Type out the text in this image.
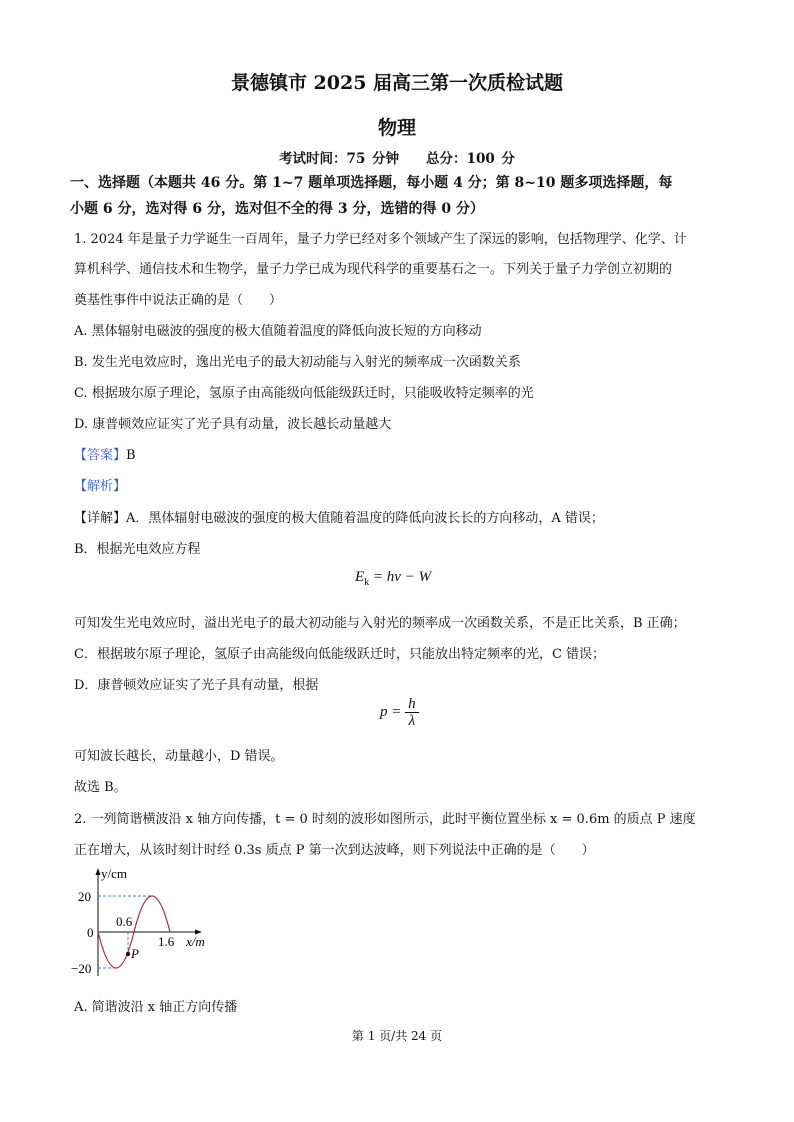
景德镇市 2025 届高三第一次质检试题
物理
考试时间：75 分钟　　总分：100 分
一、选择题（本题共 46 分。第 1~7 题单项选择题，每小题 4 分；第 8~10 题多项选择题，每
小题 6 分，选对得 6 分，选对但不全的得 3 分，选错的得 0 分）
1. 2024 年是量子力学诞生一百周年，量子力学已经对多个领域产生了深远的影响，包括物理学、化学、计
算机科学、通信技术和生物学，量子力学已成为现代科学的重要基石之一。下列关于量子力学创立初期的
奠基性事件中说法正确的是（　　）
A. 黑体辐射电磁波的强度的极大值随着温度的降低向波长短的方向移动
B. 发生光电效应时，逸出光电子的最大初动能与入射光的频率成一次函数关系
C. 根据玻尔原子理论，氢原子由高能级向低能级跃迁时，只能吸收特定频率的光
D. 康普顿效应证实了光子具有动量，波长越长动量越大
【答案】B
【解析】
【详解】A．黑体辐射电磁波的强度的极大值随着温度的降低向波长长的方向移动，A 错误；
B．根据光电效应方程
$E_k = h\nu - W$
可知发生光电效应时，溢出光电子的最大初动能与入射光的频率成一次函数关系，不是正比关系，B 正确；
C．根据玻尔原子理论，氢原子由高能级向低能级跃迁时，只能放出特定频率的光，C 错误；
D．康普顿效应证实了光子具有动量，根据
$p = \frac{h}{\lambda}$
可知波长越长，动量越小，D 错误。
故选 B。
2. 一列简谐横波沿 x 轴方向传播，t = 0 时刻的波形如图所示，此时平衡位置坐标 x = 0.6m 的质点 P 速度
正在增大，从该时刻计时经 0.3s 质点 P 第一次到达波峰，则下列说法中正确的是（　　）
y/cm
x/m
0
20
−20
0.6
1.6
P
A. 简谐波沿 x 轴正方向传播
第 1 页/共 24 页
